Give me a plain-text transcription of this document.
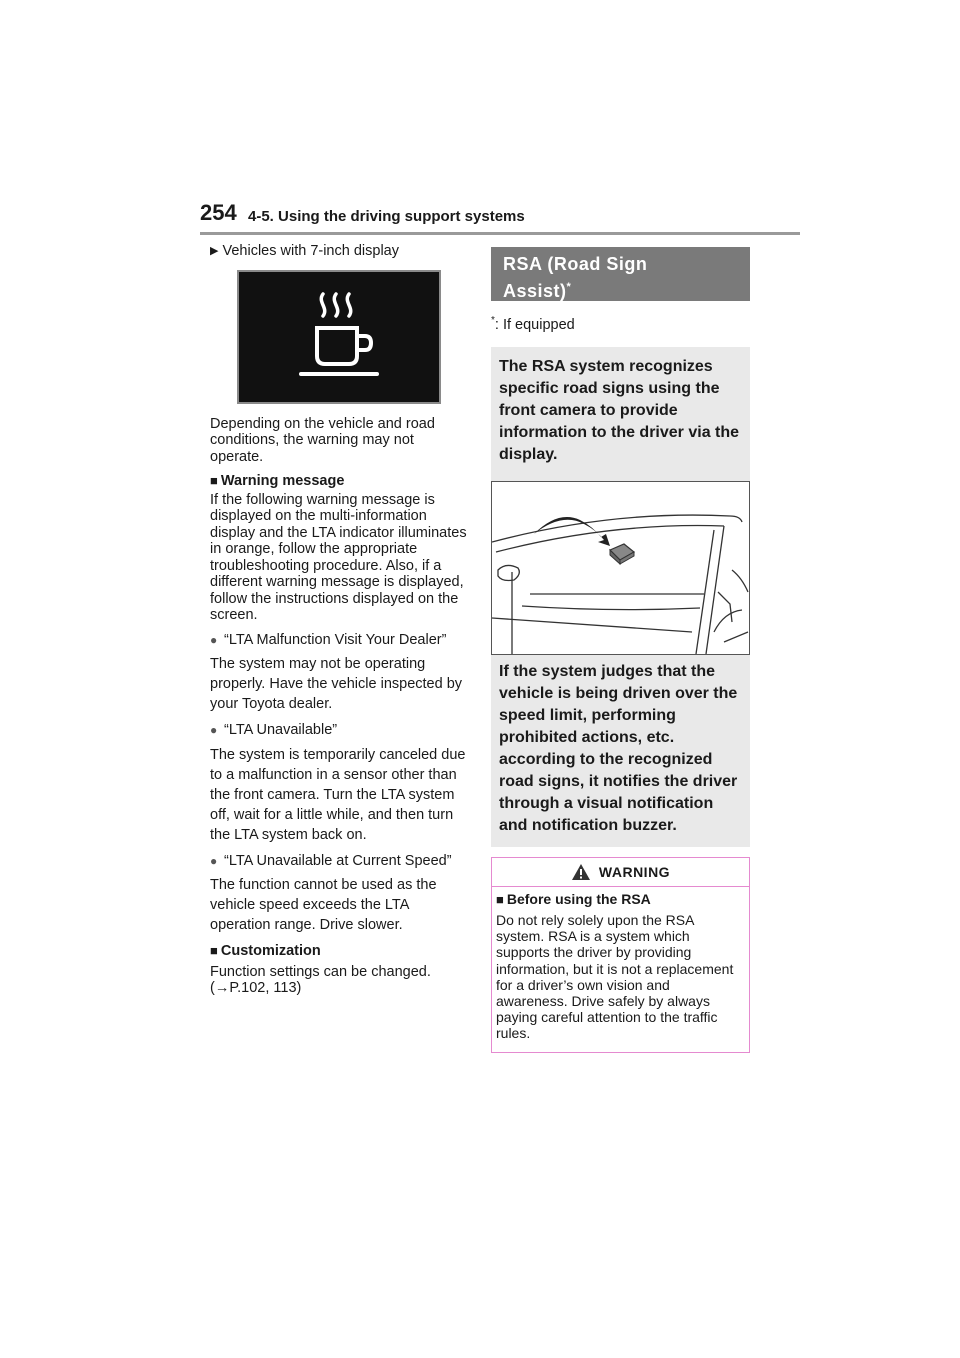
254 4-5. Using the driving support systems

▶ Vehicles with 7-inch display

Depending on the vehicle and road conditions, the warning may not operate.

■ Warning message

If the following warning message is displayed on the multi-information display and the LTA indicator illuminates in orange, follow the appropriate troubleshooting procedure. Also, if a different warning message is displayed, follow the instructions displayed on the screen.

● “LTA Malfunction Visit Your Dealer”

The system may not be operating properly. Have the vehicle inspected by your Toyota dealer.

● “LTA Unavailable”

The system is temporarily canceled due to a malfunction in a sensor other than the front camera. Turn the LTA system off, wait for a little while, and then turn the LTA system back on.

● “LTA Unavailable at Current Speed”

The function cannot be used as the vehicle speed exceeds the LTA operation range. Drive slower.

■ Customization

Function settings can be changed.

(→P.102, 113)

RSA (Road Sign
Assist)*

*: If equipped

The RSA system recognizes specific road signs using the front camera to provide information to the driver via the display.
If the system judges that the vehicle is being driven over the speed limit, performing prohibited actions, etc. according to the recognized road signs, it notifies the driver through a visual notification and notification buzzer.
WARNING

■ Before using the RSA

Do not rely solely upon the RSA system. RSA is a system which supports the driver by providing information, but it is not a replacement for a driver’s own vision and awareness. Drive safely by always paying careful attention to the traffic rules.
